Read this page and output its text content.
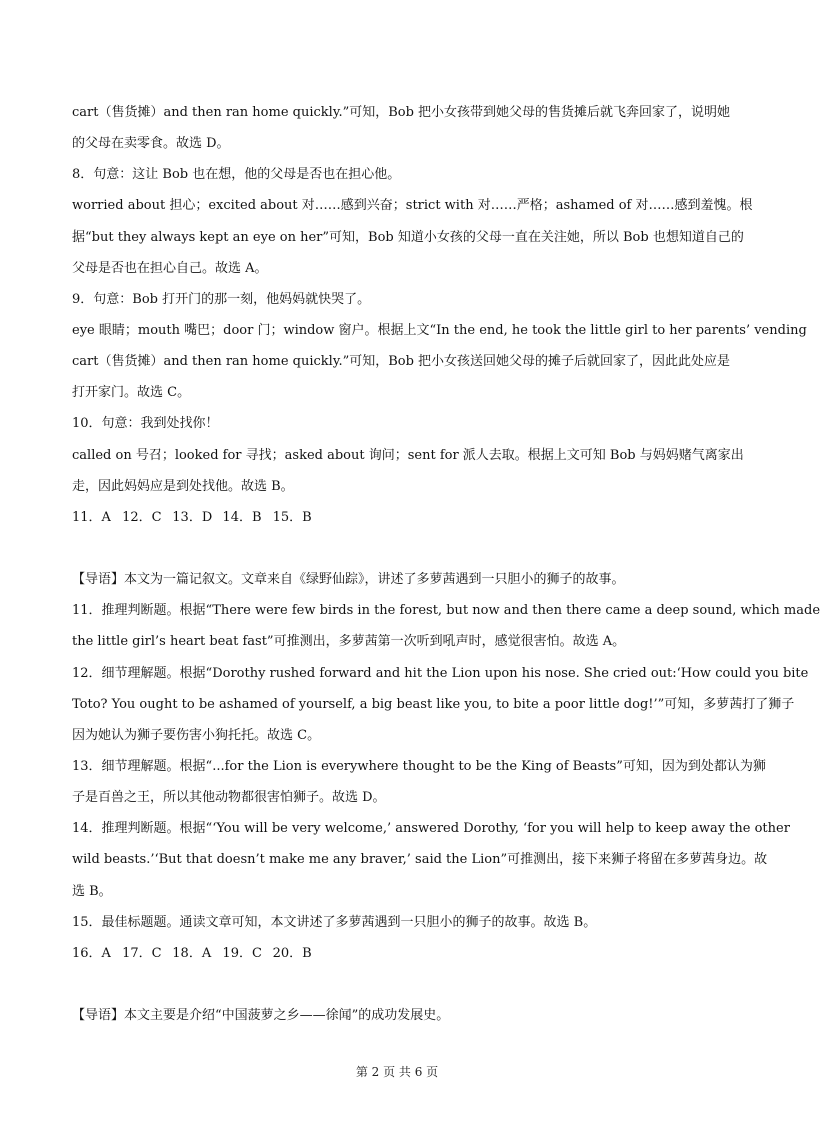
cart（售货摊）and then ran home quickly.”可知，Bob 把小女孩带到她父母的售货摊后就飞奔回家了，说明她
的父母在卖零食。故选 D。
8．句意：这让 Bob 也在想，他的父母是否也在担心他。
worried about 担心；excited about 对……感到兴奋；strict with 对……严格；ashamed of 对……感到羞愧。根
据“but they always kept an eye on her”可知，Bob 知道小女孩的父母一直在关注她，所以 Bob 也想知道自己的
父母是否也在担心自己。故选 A。
9．句意：Bob 打开门的那一刻，他妈妈就快哭了。
eye 眼睛；mouth 嘴巴；door 门；window 窗户。根据上文“In the end, he took the little girl to her parents’ vending
cart（售货摊）and then ran home quickly.”可知，Bob 把小女孩送回她父母的摊子后就回家了，因此此处应是
打开家门。故选 C。
10．句意：我到处找你！
called on 号召；looked for 寻找；asked about 询问；sent for 派人去取。根据上文可知 Bob 与妈妈赌气离家出
走，因此妈妈应是到处找他。故选 B。
11．A 12．C 13．D 14．B 15．B
【导语】本文为一篇记叙文。文章来自《绿野仙踪》，讲述了多萝茜遇到一只胆小的狮子的故事。
11．推理判断题。根据“There were few birds in the forest, but now and then there came a deep sound, which made
the little girl’s heart beat fast”可推测出，多萝茜第一次听到吼声时，感觉很害怕。故选 A。
12．细节理解题。根据“Dorothy rushed forward and hit the Lion upon his nose. She cried out:‘How could you bite
Toto? You ought to be ashamed of yourself, a big beast like you, to bite a poor little dog!’”可知，多萝茜打了狮子
因为她认为狮子要伤害小狗托托。故选 C。
13．细节理解题。根据“...for the Lion is everywhere thought to be the King of Beasts”可知，因为到处都认为狮
子是百兽之王，所以其他动物都很害怕狮子。故选 D。
14．推理判断题。根据“‘You will be very welcome,’ answered Dorothy, ‘for you will help to keep away the other
wild beasts.’‘But that doesn’t make me any braver,’ said the Lion”可推测出，接下来狮子将留在多萝茜身边。故
选 B。
15．最佳标题题。通读文章可知，本文讲述了多萝茜遇到一只胆小的狮子的故事。故选 B。
16．A 17．C 18．A 19．C 20．B
【导语】本文主要是介绍“中国菠萝之乡——徐闻”的成功发展史。
第 2 页 共 6 页
